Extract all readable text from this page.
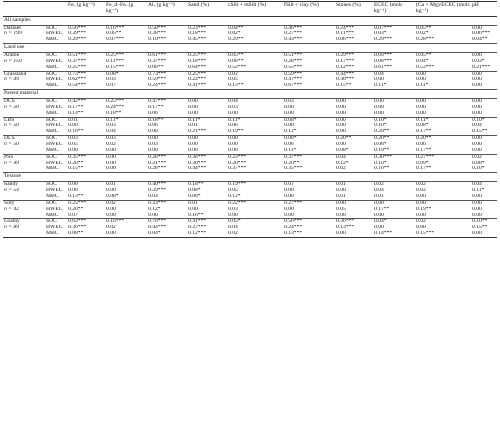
		Feₒ (g kg⁻¹)	Fe_d–Feₒ (g kg⁻¹)	Alₒ (g kg⁻¹)	Sand (%)	cSilt + mSilt (%)	fSilt + clay (%)	Stones (%)	ECEC (molc kg⁻¹)	(Ca + Mg)/ECEC (molc kg⁻¹)	pH
All samples											
Dataset	SOC	0.56***	0.16***	0.58***	0.23***	0.04**	0.46***	0.24***	0.07***	0.05**	0.00
n = 199	HWEC	0.39***	0.05**	0.38***	0.18***	0.02*	0.27***	0.11***	0.03*	0.02*	0.06***
	MBC	0.29***	0.07***	0.10***	0.45***	0.29**	0.43***	0.06***	0.29***	0.28***	0.04**
Land use											
Arable	SOC	0.51***	0.25***	0.61***	0.25***	0.05**	0.51***	0.29***	0.09***	0.05**	0.00
n = 150	HWEC	0.37***	0.11***	0.37***	0.18***	0.06**	0.28***	0.17***	0.08***	0.04*	0.03*
	MBC	0.25***	0.15***	0.06**	0.64***	0.52***	0.55***	0.12***	0.61***	0.53***	0.21***
Grassland	SOC	0.73***	0.08*	0.73***	0.25***	0.02	0.59***	0.44***	0.04	0.00	0.00
n = 49	HWEC	0.62***	0.03	0.59***	0.22***	0.05	0.47***	0.30***	0.00	0.00	0.00
	MBC	0.54***	0.07	0.24***	0.41***	0.13**	0.67***	0.15**	0.11*	0.11*	0.00
Parent material											
DCS	SOC	0.42***	0.25***	0.47***	0.00	0.04	0.03	0.00	0.00	0.00	0.00
n = 50	HWEC	0.17**	0.24***	0.17**	0.00	0.03	0.00	0.00	0.00	0.00	0.00
	MBC	0.14**	0.18**	0.06	0.00	0.00	0.00	0.00	0.00	0.00	0.00
LBS	SOC	0.01	0.11*	0.18**	0.11*	0.11*	0.08*	0.00	0.10*	0.11*	0.10*
n = 50	HWEC	0.00	0.03	0.06	0.01	0.06	0.00	0.00	0.10*	0.08*	0.04
	MBC	0.16**	0.04	0.00	0.21***	0.19**	0.12*	0.00	0.20**	0.17**	0.15**
DLS	SOC	0.03	0.03	0.00	0.00	0.00	0.08*	0.20**	0.20**	0.20**	0.00
n = 50	HWEC	0.05	0.02	0.03	0.00	0.00	0.06	0.00	0.08*	0.06	0.00
	MBC	0.00	0.00	0.00	0.00	0.00	0.11*	0.08*	0.19**	0.17**	0.00
PSS	SOC	0.35***	0.00	0.28***	0.36***	0.23***	0.37***	0.04	0.30***	0.27***	0.02
n = 49	HWEC	0.20**	0.00	0.21***	0.30***	0.20***	0.20**	0.12*	0.10*	0.09*	0.08*
	MBC	0.15**	0.00	0.28***	0.44***	0.37***	0.35***	0.02	0.16**	0.17**	0.10*
Texture											
Sandy	SOC	0.00	0.01	0.40***	0.18**	0.19***	0.07	0.01	0.02	0.02	0.04
n = 54	HWEC	0.00	0.00	0.29***	0.08*	0.05	0.00	0.00	0.04	0.02	0.11*
	MBC	0.13**	0.08*	0.04	0.08*	0.12*	0.00	0.01	0.01	0.00	0.00
Silty	SOC	0.25***	0.02	0.33***	0.01	0.22***	0.27***	0.00	0.00	0.00	0.00
n = 42	HWEC	0.20**	0.00	0.12*	0.00	0.03	0.00	0.05	0.17**	0.19**	0.00
	MBC	0.07	0.00	0.00	0.16**	0.00	0.00	0.00	0.00	0.00	0.00
Loamy	SOC	0.63***	0.16***	0.70***	0.41***	0.05*	0.56***	0.36***	0.04*	0.02	0.10**
n = 89	HWEC	0.36***	0.02	0.44***	0.27***	0.04	0.24***	0.13***	0.00	0.00	0.15**
	MBC	0.08**	0.00	0.04*	0.12***	0.02	0.13***	0.00	0.14***	0.15***	0.00
